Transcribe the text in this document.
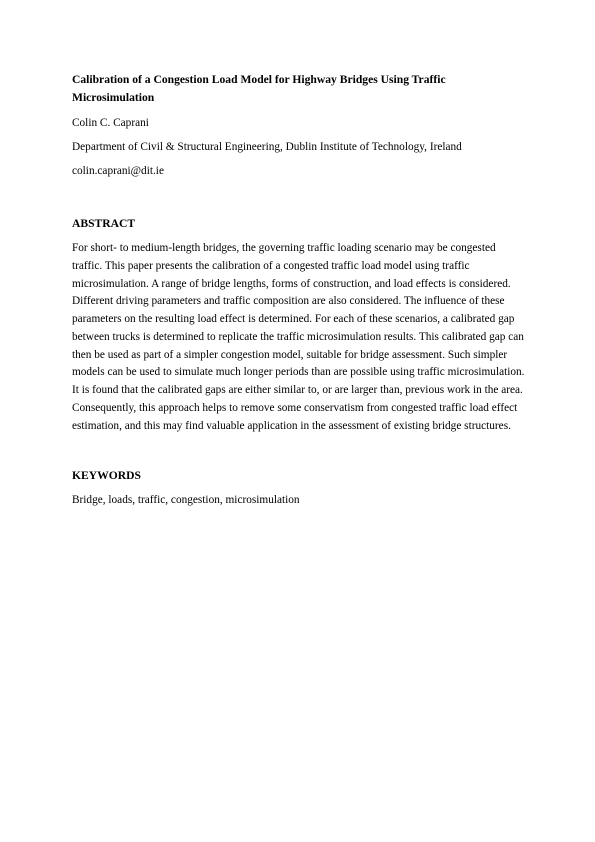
Calibration of a Congestion Load Model for Highway Bridges Using Traffic Microsimulation

Colin C. Caprani

Department of Civil & Structural Engineering, Dublin Institute of Technology, Ireland

colin.caprani@dit.ie

ABSTRACT

For short- to medium-length bridges, the governing traffic loading scenario may be congested traffic. This paper presents the calibration of a congested traffic load model using traffic microsimulation. A range of bridge lengths, forms of construction, and load effects is considered. Different driving parameters and traffic composition are also considered. The influence of these parameters on the resulting load effect is determined. For each of these scenarios, a calibrated gap between trucks is determined to replicate the traffic microsimulation results. This calibrated gap can then be used as part of a simpler congestion model, suitable for bridge assessment. Such simpler models can be used to simulate much longer periods than are possible using traffic microsimulation. It is found that the calibrated gaps are either similar to, or are larger than, previous work in the area. Consequently, this approach helps to remove some conservatism from congested traffic load effect estimation, and this may find valuable application in the assessment of existing bridge structures.

KEYWORDS

Bridge, loads, traffic, congestion, microsimulation
